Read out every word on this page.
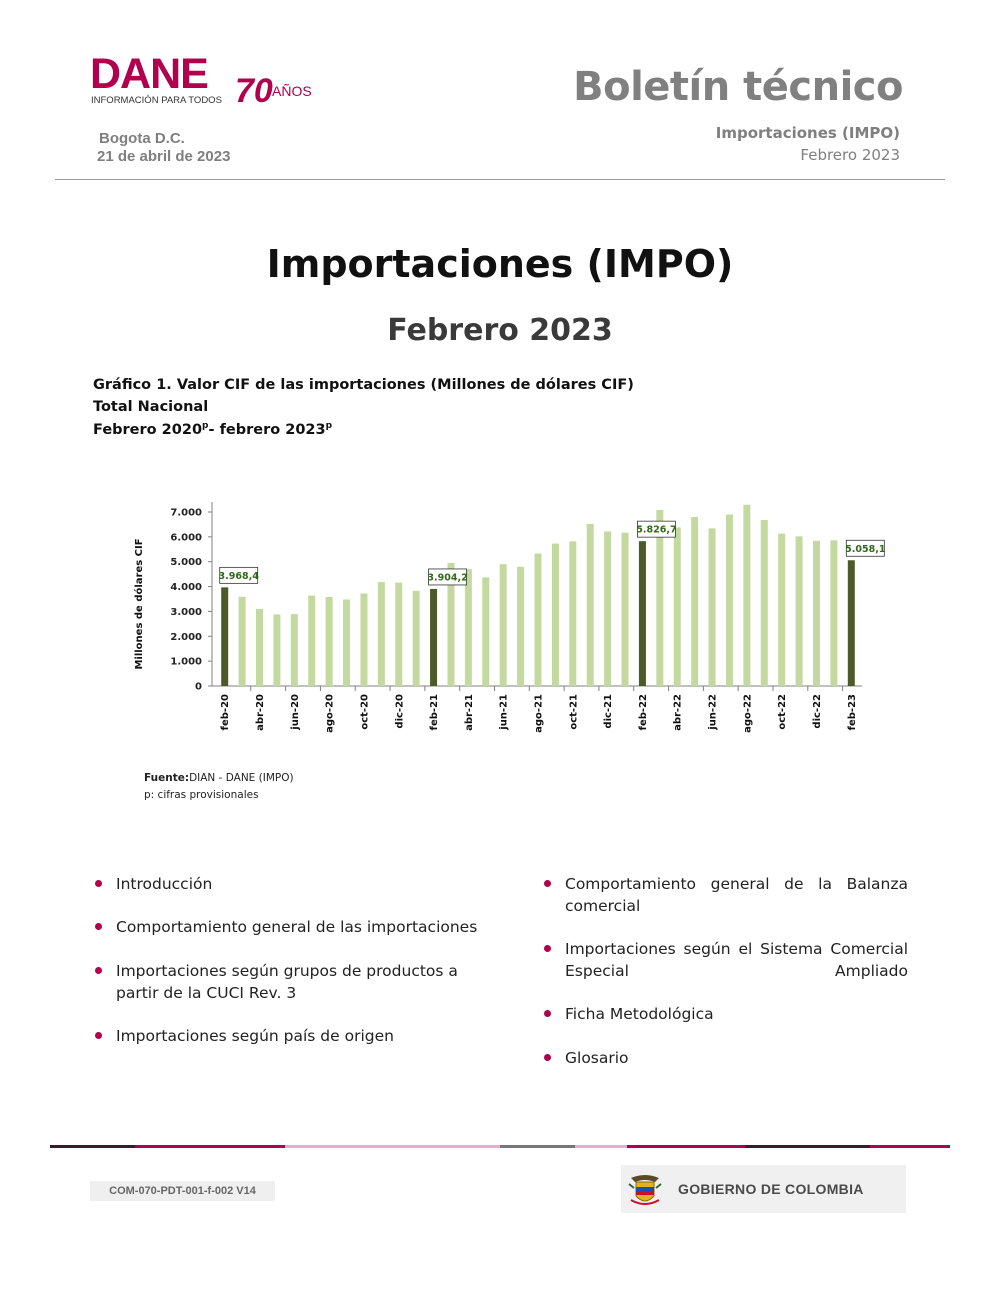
DANE
INFORMACIÓN PARA TODOS 70 AÑOS	Boletín técnico
Bogota D.C.
21 de abril de 2023
Importaciones (IMPO)
Febrero 2023
Importaciones (IMPO)
Febrero 2023
Gráfico 1. Valor CIF de las importaciones (Millones de dólares CIF)
Total Nacional
Febrero 2020$^p$- febrero 2023$^p$
0
1.000
2.000
3.000
4.000
5.000
6.000
7.000
Millones de dólares CIF
feb-20 abr-20 jun-20 ago-20 oct-20 dic-20 feb-21 abr-21 jun-21 ago-21 oct-21 dic-21 feb-22 abr-22 jun-22 ago-22 oct-22 dic-22 feb-23
3.968,4	3.904,2
5.826,7
5.058,1
Fuente:DIAN - DANE (IMPO)
p: cifras provisionales
Introducción
Comportamiento general de las importaciones
Importaciones según grupos de productos a partir de la CUCI Rev. 3
Importaciones según país de origen
Comportamiento general de la Balanza comercial
Importaciones según el Sistema Comercial Especial Ampliado
Ficha Metodológica
Glosario
COM-070-PDT-001-f-002 V14	GOBIERNO DE COLOMBIA
